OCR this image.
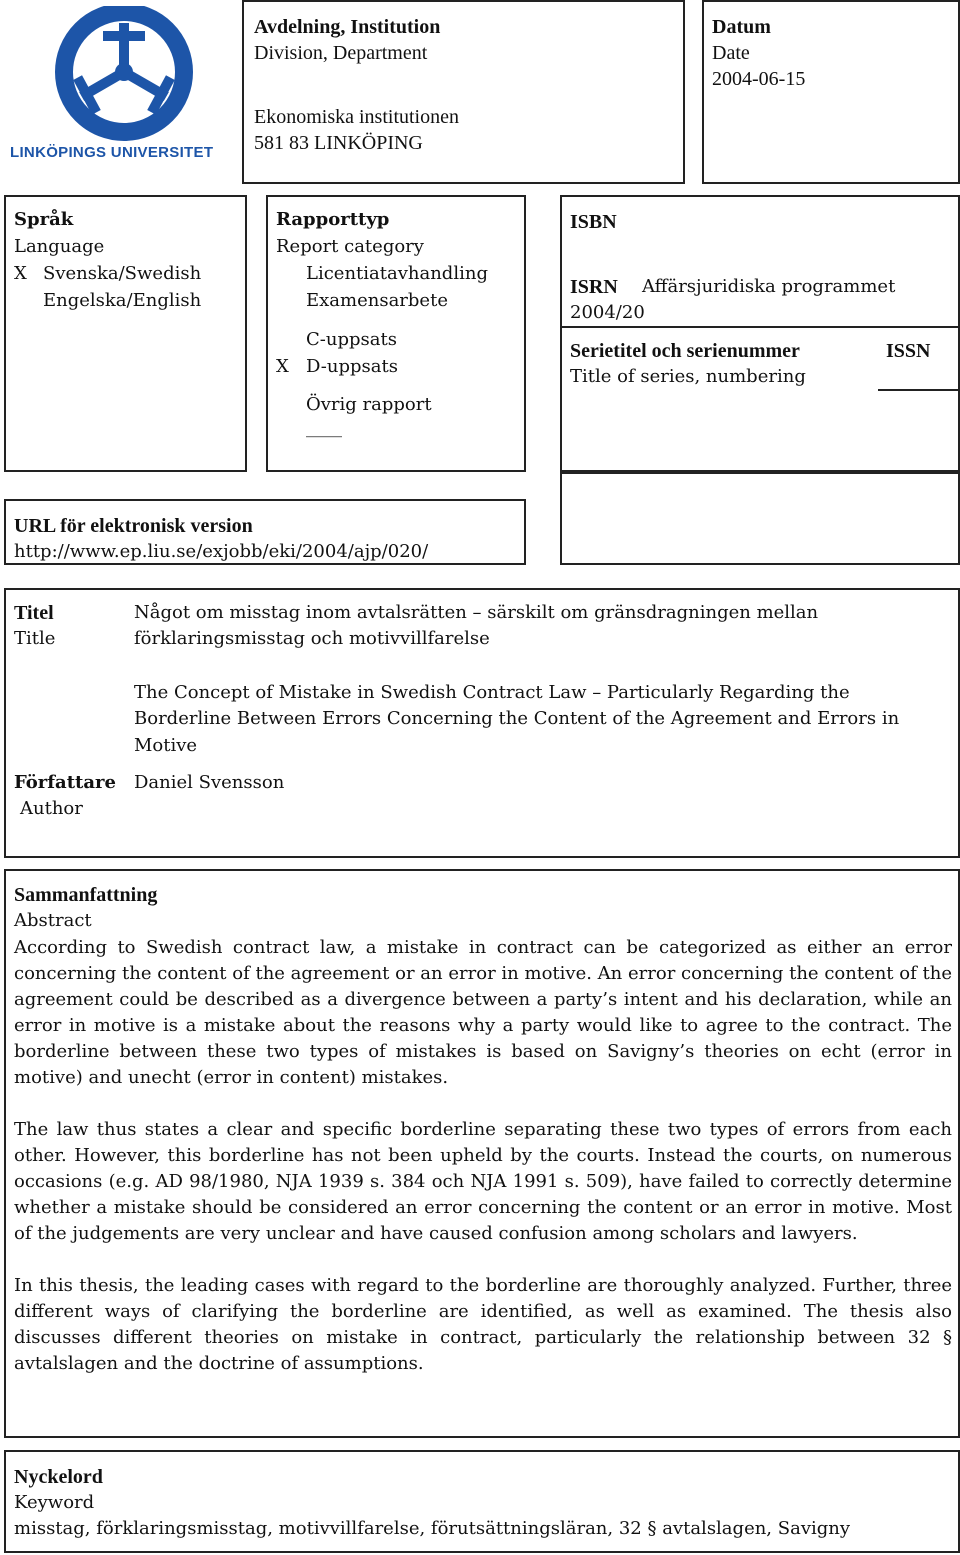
LINKÖPINGS UNIVERSITET
Avdelning, Institution
Division, Department
Ekonomiska institutionen
581 83 LINKÖPING
Datum
Date
2004-06-15
Språk
Language
X Svenska/Swedish
Engelska/English
Rapporttyp
Report category
Licentiatavhandling
Examensarbete
C-uppsats
X D-uppsats
Övrig rapport
____
ISBN
ISRN Affärsjuridiska programmet
2004/20
Serietitel och serienummer
Title of series, numbering
ISSN
URL för elektronisk version
http://www.ep.liu.se/exjobb/eki/2004/ajp/020/
Titel
Title
Något om misstag inom avtalsrätten – särskilt om gränsdragningen mellan
förklaringsmisstag och motivvillfarelse
The Concept of Mistake in Swedish Contract Law – Particularly Regarding the
Borderline Between Errors Concerning the Content of the Agreement and Errors in
Motive
Författare
Author
Daniel Svensson
Sammanfattning
Abstract

According to Swedish contract law, a mistake in contract can be categorized as either an error concerning the content of the agreement or an error in motive. An error concerning the content of the agreement could be described as a divergence between a party’s intent and his declaration, while an error in motive is a mistake about the reasons why a party would like to agree to the contract. The borderline between these two types of mistakes is based on Savigny’s theories on echt (error in motive) and unecht (error in content) mistakes.

The law thus states a clear and specific borderline separating these two types of errors from each other. However, this borderline has not been upheld by the courts. Instead the courts, on numerous occasions (e.g. AD 98/1980, NJA 1939 s. 384 och NJA 1991 s. 509), have failed to correctly determine whether a mistake should be considered an error concerning the content or an error in motive. Most of the judgements are very unclear and have caused confusion among scholars and lawyers.

In this thesis, the leading cases with regard to the borderline are thoroughly analyzed. Further, three different ways of clarifying the borderline are identified, as well as examined. The thesis also discusses different theories on mistake in contract, particularly the relationship between 32 § avtalslagen and the doctrine of assumptions.

Nyckelord
Keyword
misstag, förklaringsmisstag, motivvillfarelse, förutsättningsläran, 32 § avtalslagen, Savigny
